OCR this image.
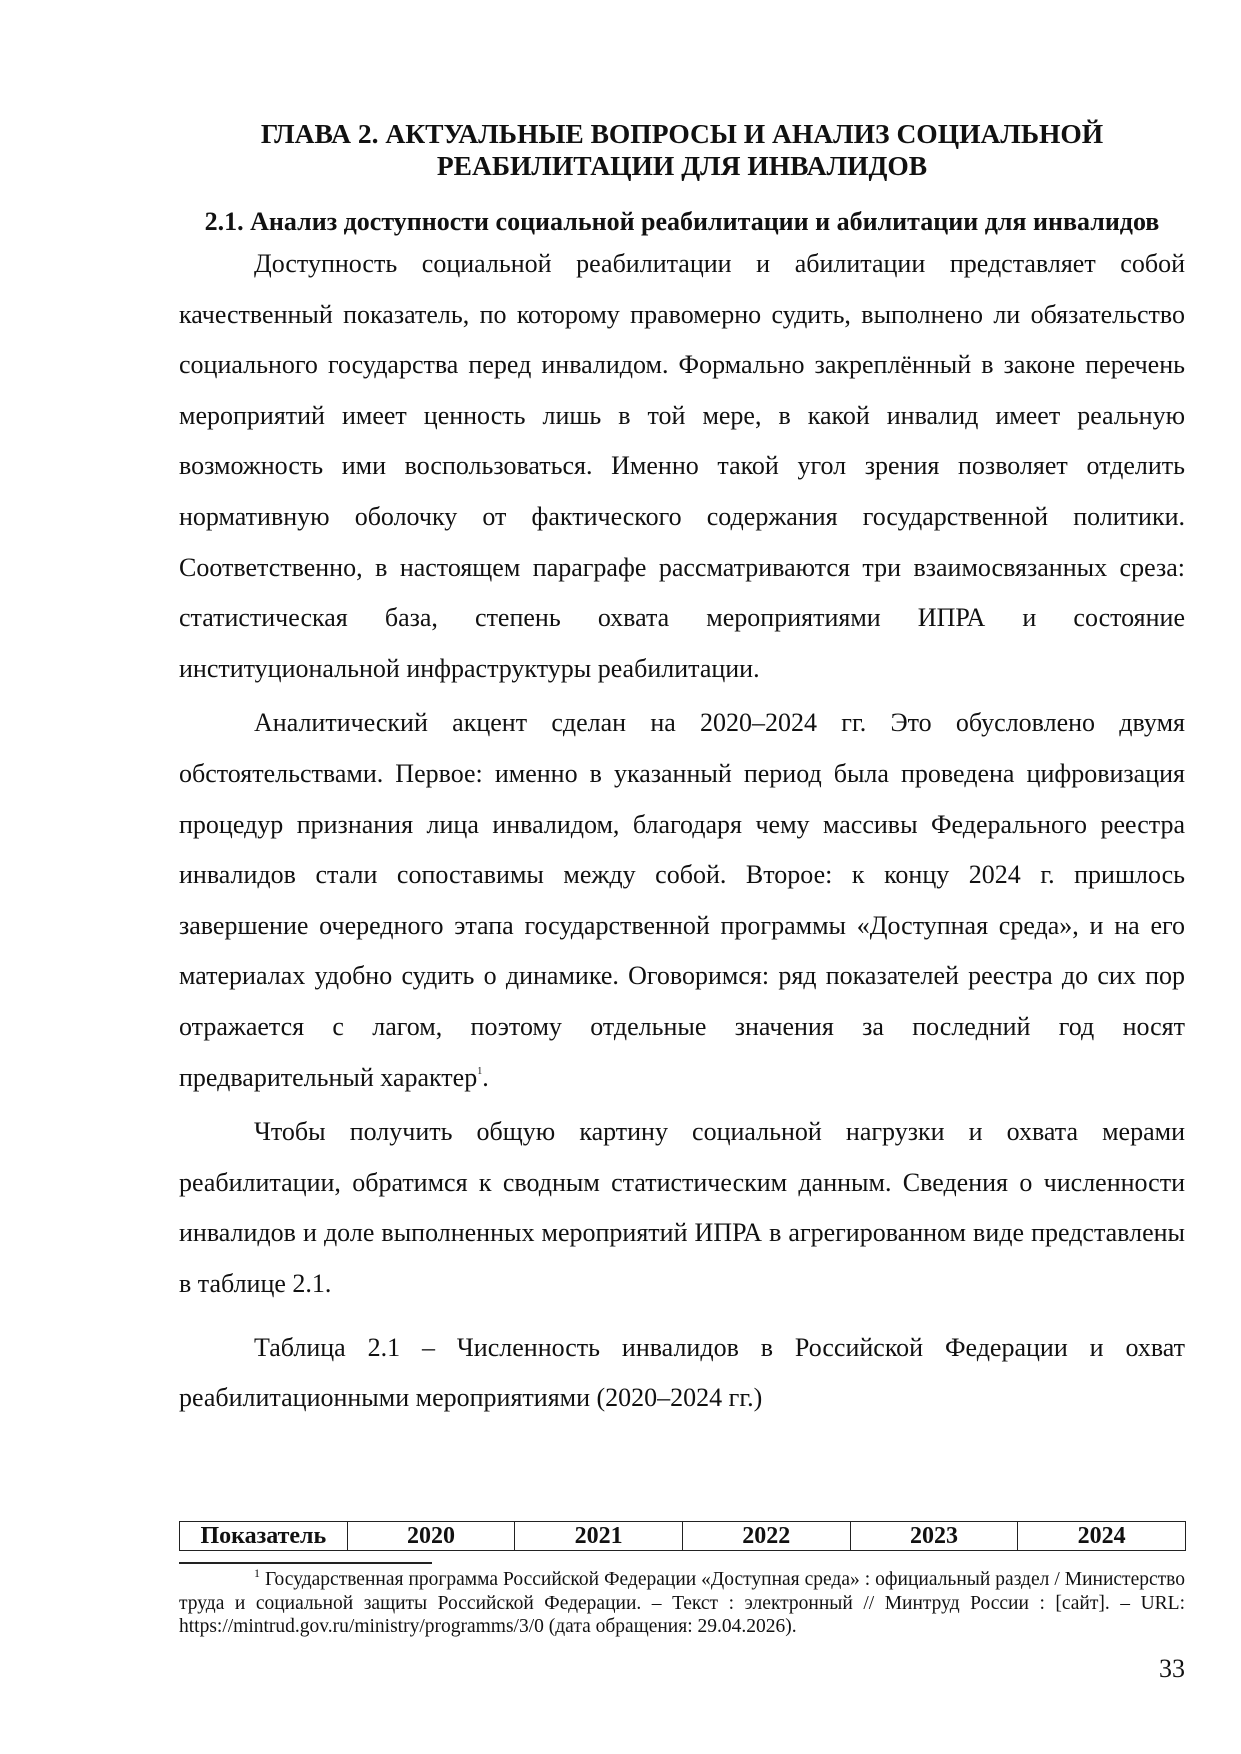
ГЛАВА 2. АКТУАЛЬНЫЕ ВОПРОСЫ И АНАЛИЗ СОЦИАЛЬНОЙ РЕАБИЛИТАЦИИ ДЛЯ ИНВАЛИДОВ
2.1. Анализ доступности социальной реабилитации и абилитации для инвалидов

Доступность социальной реабилитации и абилитации представляет собой качественный показатель, по которому правомерно судить, выполнено ли обязательство социального государства перед инвалидом. Формально закреплённый в законе перечень мероприятий имеет ценность лишь в той мере, в какой инвалид имеет реальную возможность ими воспользоваться. Именно такой угол зрения позволяет отделить нормативную оболочку от фактического содержания государственной политики. Соответственно, в настоящем параграфе рассматриваются три взаимосвязанных среза: статистическая база, степень охвата мероприятиями ИПРА и состояние институциональной инфраструктуры реабилитации.

Аналитический акцент сделан на 2020–2024 гг. Это обусловлено двумя обстоятельствами. Первое: именно в указанный период была проведена цифровизация процедур признания лица инвалидом, благодаря чему массивы Федерального реестра инвалидов стали сопоставимы между собой. Второе: к концу 2024 г. пришлось завершение очередного этапа государственной программы «Доступная среда», и на его материалах удобно судить о динамике. Оговоримся: ряд показателей реестра до сих пор отражается с лагом, поэтому отдельные значения за последний год носят предварительный характер$^1$.

Чтобы получить общую картину социальной нагрузки и охвата мерами реабилитации, обратимся к сводным статистическим данным. Сведения о численности инвалидов и доле выполненных мероприятий ИПРА в агрегированном виде представлены в таблице 2.1.

Таблица 2.1 – Численность инвалидов в Российской Федерации и охват реабилитационными мероприятиями (2020–2024 гг.)

Показатель	2020	2021	2022	2023	2024

$^1$ Государственная программа Российской Федерации «Доступная среда» : официальный раздел / Министерство труда и социальной защиты Российской Федерации. – Текст : электронный // Минтруд России : [сайт]. – URL: https://mintrud.gov.ru/ministry/programms/3/0 (дата обращения: 29.04.2026).

33
